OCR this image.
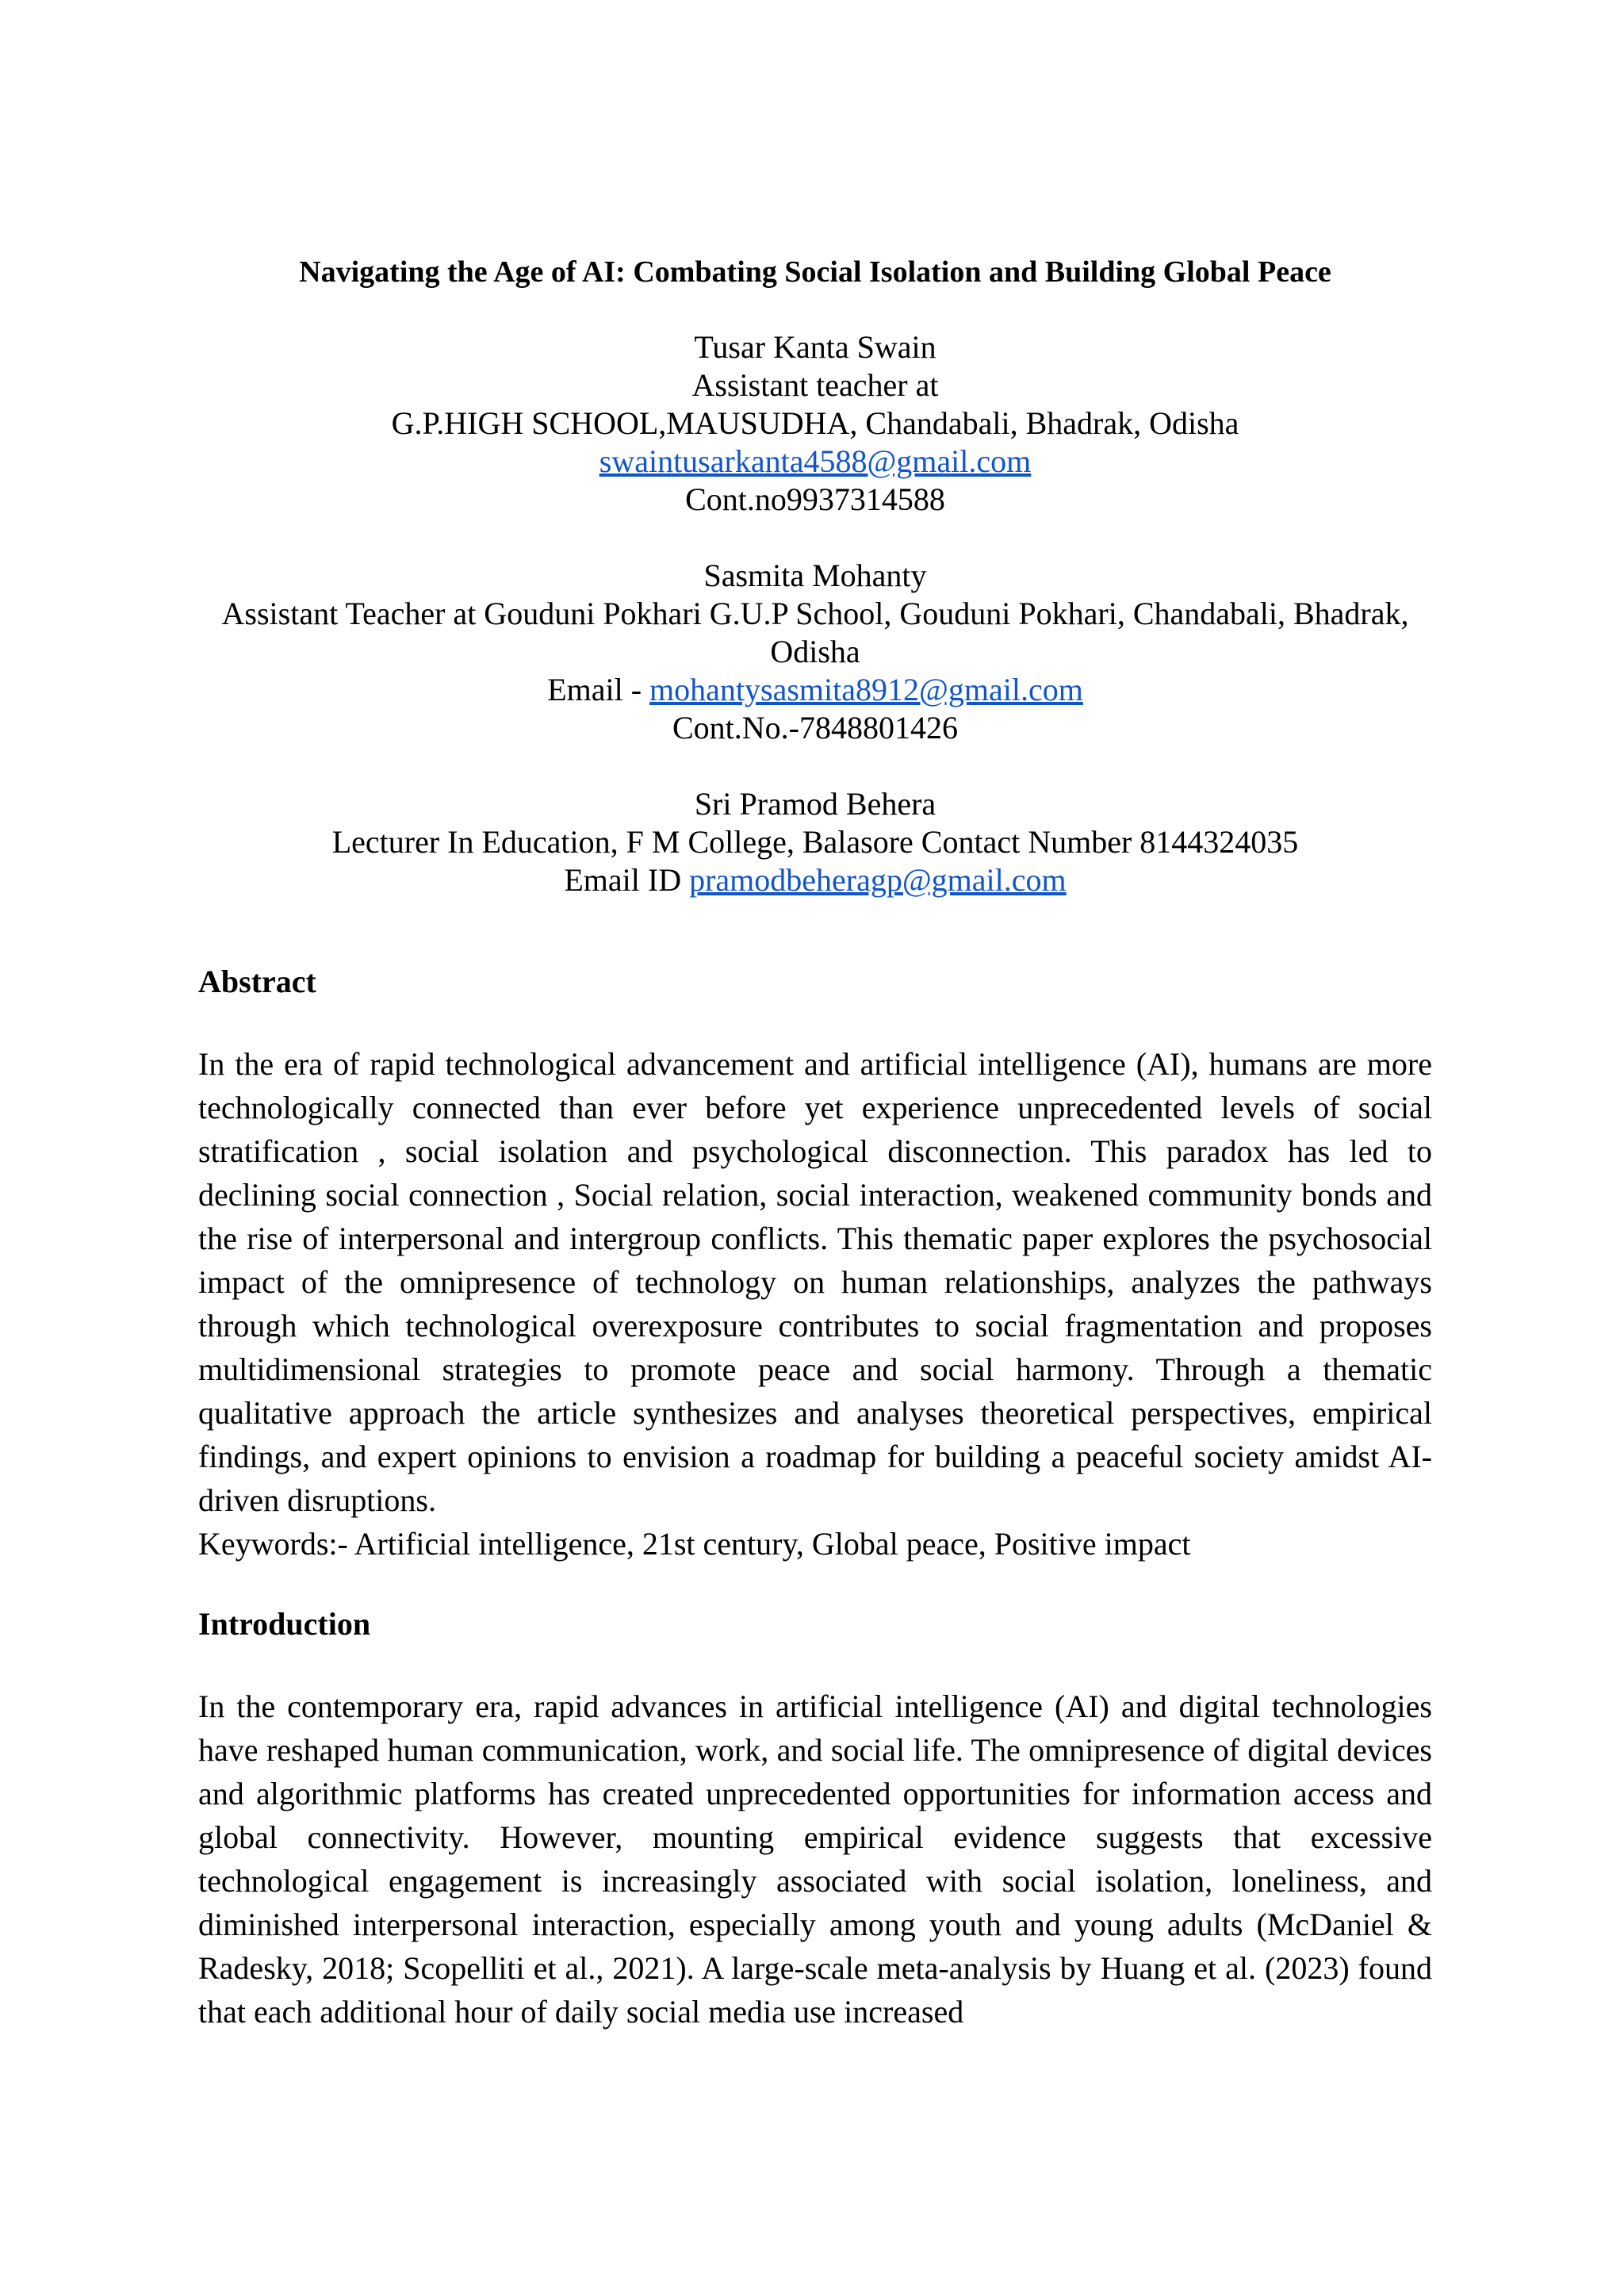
Navigating the Age of AI: Combating Social Isolation and Building Global Peace
Tusar Kanta Swain
Assistant teacher at
G.P.HIGH SCHOOL,MAUSUDHA, Chandabali, Bhadrak, Odisha
swaintusarkanta4588@gmail.com
Cont.no9937314588
Sasmita Mohanty
Assistant Teacher at Gouduni Pokhari G.U.P School, Gouduni Pokhari, Chandabali, Bhadrak,
Odisha
Email - mohantysasmita8912@gmail.com
Cont.No.-7848801426
Sri Pramod Behera
Lecturer In Education, F M College, Balasore Contact Number 8144324035
Email ID pramodbeheragp@gmail.com
Abstract

In the era of rapid technological advancement and artificial intelligence (AI), humans are more technologically connected than ever before yet experience unprecedented levels of social stratification , social isolation and psychological disconnection. This paradox has led to declining social connection , Social relation, social interaction, weakened community bonds and the rise of interpersonal and intergroup conflicts. This thematic paper explores the psychosocial impact of the omnipresence of technology on human relationships, analyzes the pathways through which technological overexposure contributes to social fragmentation and proposes multidimensional strategies to promote peace and social harmony. Through a thematic qualitative approach the article synthesizes and analyses theoretical perspectives, empirical findings, and expert opinions to envision a roadmap for building a peaceful society amidst AI-driven disruptions.

Keywords:- Artificial intelligence, 21st century, Global peace, Positive impact

Introduction

In the contemporary era, rapid advances in artificial intelligence (AI) and digital technologies have reshaped human communication, work, and social life. The omnipresence of digital devices and algorithmic platforms has created unprecedented opportunities for information access and global connectivity. However, mounting empirical evidence suggests that excessive technological engagement is increasingly associated with social isolation, loneliness, and diminished interpersonal interaction, especially among youth and young adults (McDaniel & Radesky, 2018; Scopelliti et al., 2021). A large-scale meta-analysis by Huang et al. (2023) found that each additional hour of daily social media use increased
